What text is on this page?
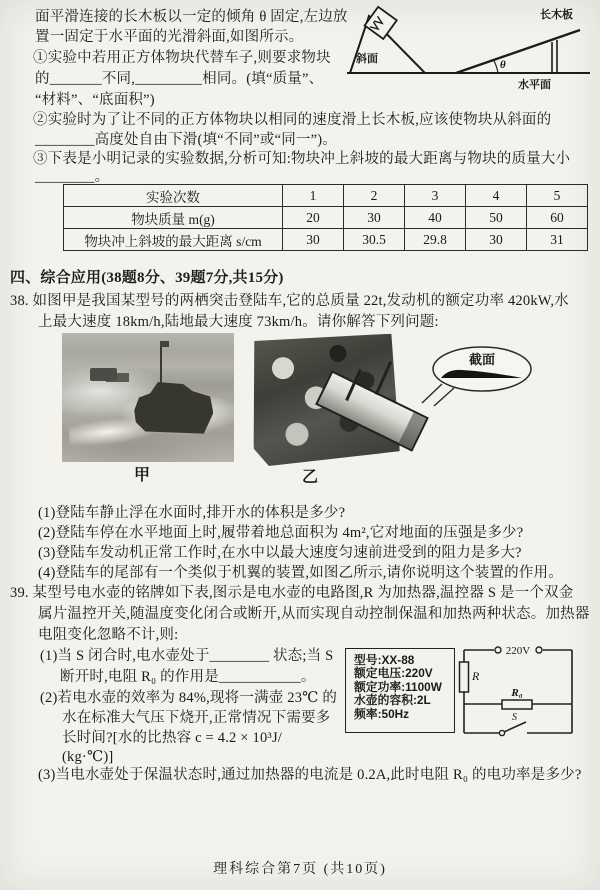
面平滑连接的长木板以一定的倾角 θ 固定,左边放
置一固定于水平面的光滑斜面,如图所示。
①实验中若用正方体物块代替车子,则要求物块
的_______不同,_________相同。(填“质量”、
“材料”、“底面积”)
②实验时为了让不同的正方体物块以相同的速度滑上长木板,应该使物块从斜面的
________高度处自由下滑(填“不同”或“同一”)。
③下表是小明记录的实验数据,分析可知:物块冲上斜坡的最大距离与物块的质量大小
________。
斜面	θ
长木板
水平面
实验次数	1	2	3	4	5
物块质量 m(g)	20	30	40	50	60
物块冲上斜坡的最大距离 s/cm	30	30.5	29.8	30	31
四、综合应用(38题8分、39题7分,共15分)
38. 如图甲是我国某型号的两栖突击登陆车,它的总质量 22t,发动机的额定功率 420kW,水
上最大速度 18km/h,陆地最大速度 73km/h。请你解答下列问题:
截面
甲	乙
(1)登陆车静止浮在水面时,排开水的体积是多少?
(2)登陆车停在水平地面上时,履带着地总面积为 4m²,它对地面的压强是多少?
(3)登陆车发动机正常工作时,在水中以最大速度匀速前进受到的阻力是多大?
(4)登陆车的尾部有一个类似于机翼的装置,如图乙所示,请你说明这个装置的作用。
39. 某型号电水壶的铭牌如下表,图示是电水壶的电路图,R 为加热器,温控器 S 是一个双金
属片温控开关,随温度变化闭合或断开,从而实现自动控制保温和加热两种状态。加热器
电阻变化忽略不计,则:
(1)当 S 闭合时,电水壶处于________ 状态;当 S
断开时,电阻 R₀ 的作用是___________。
(2)若电水壶的效率为 84%,现将一满壶 23℃ 的
水在标准大气压下烧开,正常情况下需要多
长时间?[水的比热容 c = 4.2 × 10³J/
(kg·℃)]
(3)当电水壶处于保温状态时,通过加热器的电流是 0.2A,此时电阻 R₀ 的电功率是多少?
型号:XX-88
额定电压:220V
额定功率:1100W
水壶的容积:2L
频率:50Hz
220V
R
R₀
S
理科综合第7页 (共10页)
